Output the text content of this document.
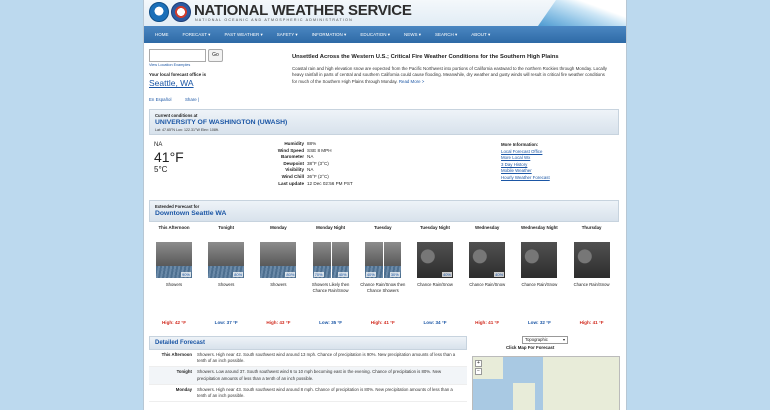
NATIONAL WEATHER SERVICE
NATIONAL OCEANIC AND ATMOSPHERIC ADMINISTRATION
⌁
HOME	FORECAST ▾	PAST WEATHER ▾	SAFETY ▾	INFORMATION ▾	EDUCATION ▾	NEWS ▾	SEARCH ▾	ABOUT ▾
Go
View Location Examples
Your local forecast office is
Seattle, WA
En Español	Share |
Unsettled Across the Western U.S.; Critical Fire Weather Conditions for the Southern High Plains
Coastal rain and high elevation snow are expected from the Pacific Northwest into portions of California eastward to the northern Rockies through Monday. Locally heavy rainfall in parts of central and southern California could cause flooding. Meanwhile, dry weather and gusty winds will result in critical fire weather conditions for much of the Southern High Plains through Monday. Read More >
Current conditions at
UNIVERSITY OF WASHINGTON (UWASH)
Lat: 47.65°N Lon: 122.31°W Elev: 108ft.
NA
41°F
5°C
Humidity 88%
Wind Speed SSE 8 MPH
Barometer NA
Dewpoint 38°F (3°C)
Visibility NA
Wind Chill 36°F (2°C)
Last update 12 Dec 02:56 PM PST
More Information:
Local Forecast Office
More Local Wx
3 Day History
Mobile Weather
Hourly Weather Forecast
Extended Forecast for
Downtown Seattle WA
This Afternoon
90%
Showers
High: 42 °F
Tonight
80%
Showers
Low: 37 °F
Monday
80%
Showers
High: 43 °F
Monday Night
70%	40%
Showers Likely then Chance Rain/Snow
Low: 35 °F
Tuesday
40%	30%
Chance Rain/Snow then Chance Showers
High: 41 °F
Tuesday Night
40%
Chance Rain/Snow
Low: 34 °F
Wednesday
40%
Chance Rain/Snow
High: 41 °F
Wednesday Night
Chance Rain/Snow
Low: 32 °F
Thursday
Chance Rain/Snow
High: 41 °F
Detailed Forecast
This Afternoon	Showers. High near 42. South southwest wind around 13 mph. Chance of precipitation is 90%. New precipitation amounts of less than a tenth of an inch possible.
Tonight	Showers. Low around 37. South southwest wind 6 to 10 mph becoming east in the evening. Chance of precipitation is 80%. New precipitation amounts of less than a tenth of an inch possible.
Monday	Showers. High near 43. South southwest wind around 8 mph. Chance of precipitation is 80%. New precipitation amounts of less than a tenth of an inch possible.
Topographic	▾
Click Map For Forecast
+
−
